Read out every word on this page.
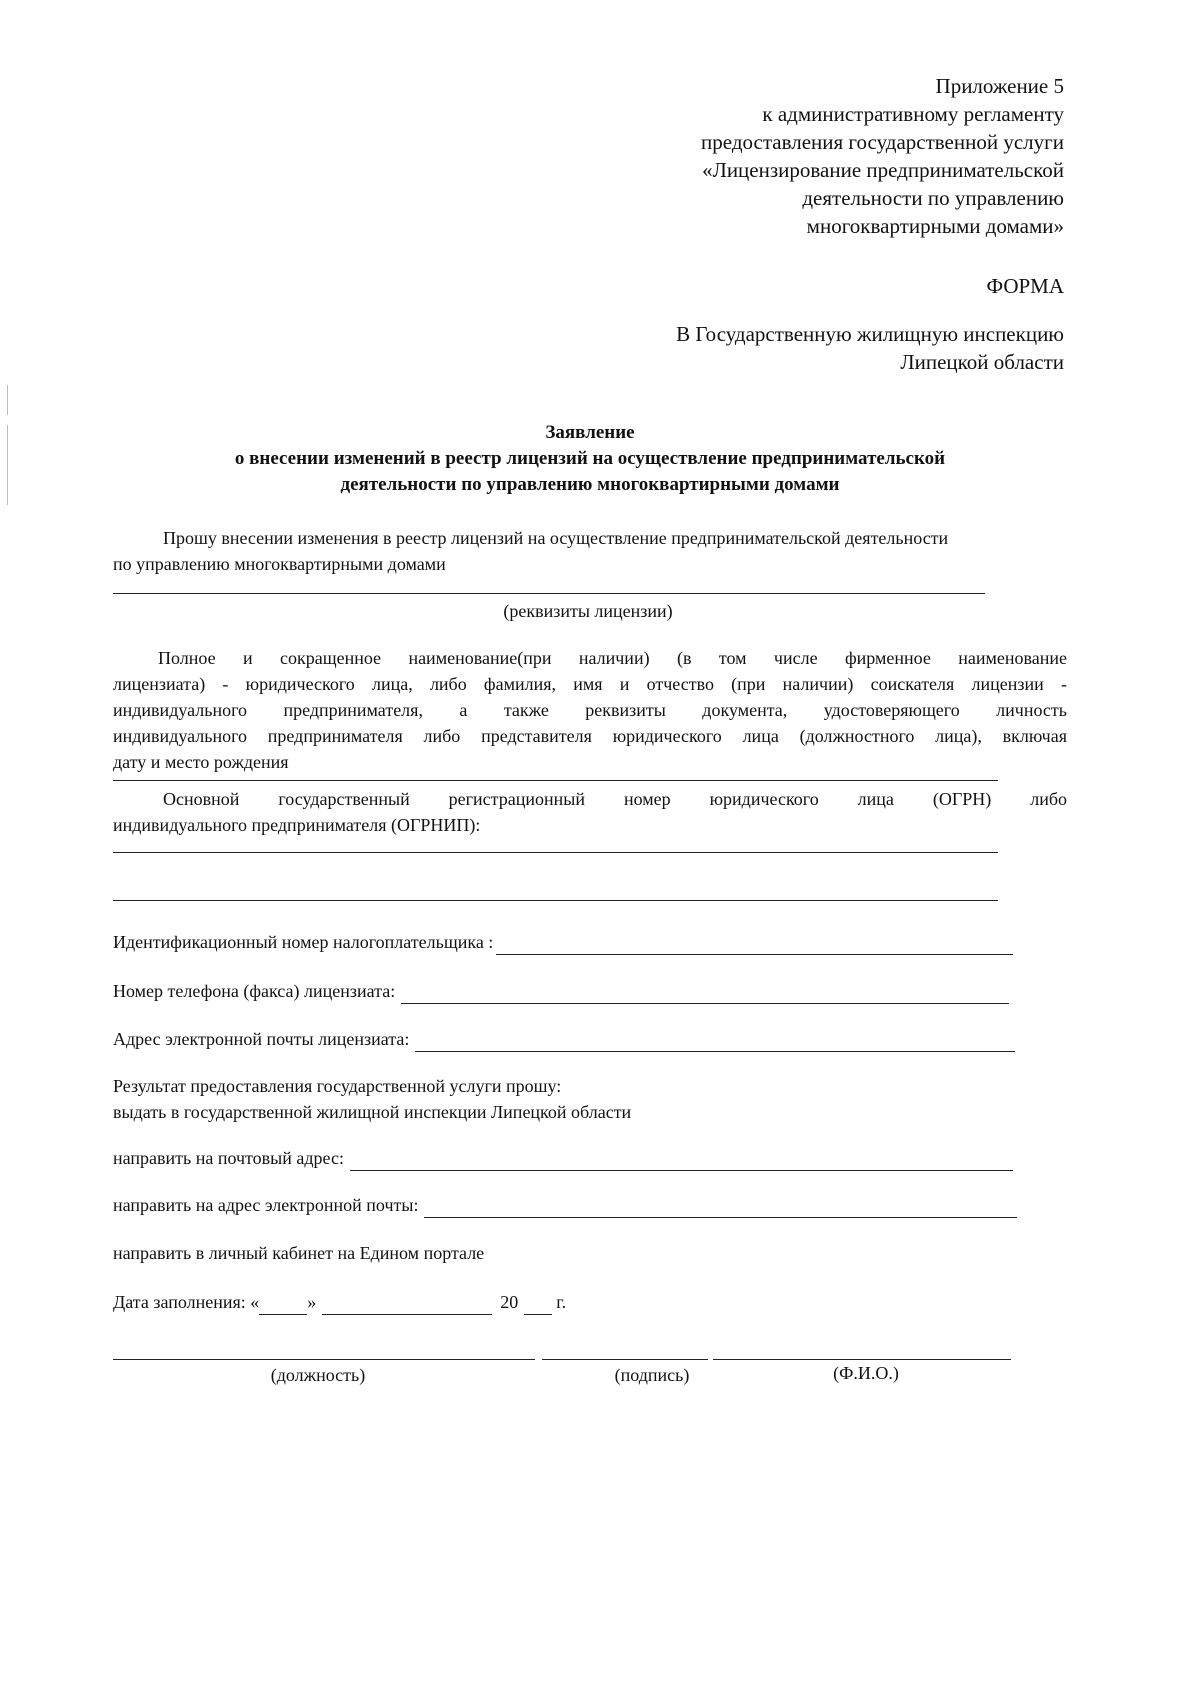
Приложение 5
к административному регламенту
предоставления государственной услуги
«Лицензирование предпринимательской
деятельности по управлению
многоквартирными домами»
ФОРМА
В Государственную жилищную инспекцию
Липецкой области
Заявление
о внесении изменений в реестр лицензий на осуществление предпринимательской
деятельности по управлению многоквартирными домами
Прошу внесении изменения в реестр лицензий на осуществление предпринимательской деятельности
по управлению многоквартирными домами
(реквизиты лицензии)
Полное и сокращенное наименование(при наличии) (в том числе фирменное наименование
лицензиата) - юридического лица, либо фамилия, имя и отчество (при наличии) соискателя лицензии -
индивидуального предпринимателя, а также реквизиты документа, удостоверяющего личность
индивидуального предпринимателя либо представителя юридического лица (должностного лица), включая
дату и место рождения
Основной государственный регистрационный номер юридического лица (ОГРН) либо
индивидуального предпринимателя (ОГРНИП):
Идентификационный номер налогоплательщика :
Номер телефона (факса) лицензиата:
Адрес электронной почты лицензиата:
Результат предоставления государственной услуги прошу:
выдать в государственной жилищной инспекции Липецкой области
направить на почтовый адрес:
направить на адрес электронной почты:
направить в личный кабинет на Едином портале
Дата заполнения: «	»	20 г.
(должность)	(подпись)	(Ф.И.О.)
